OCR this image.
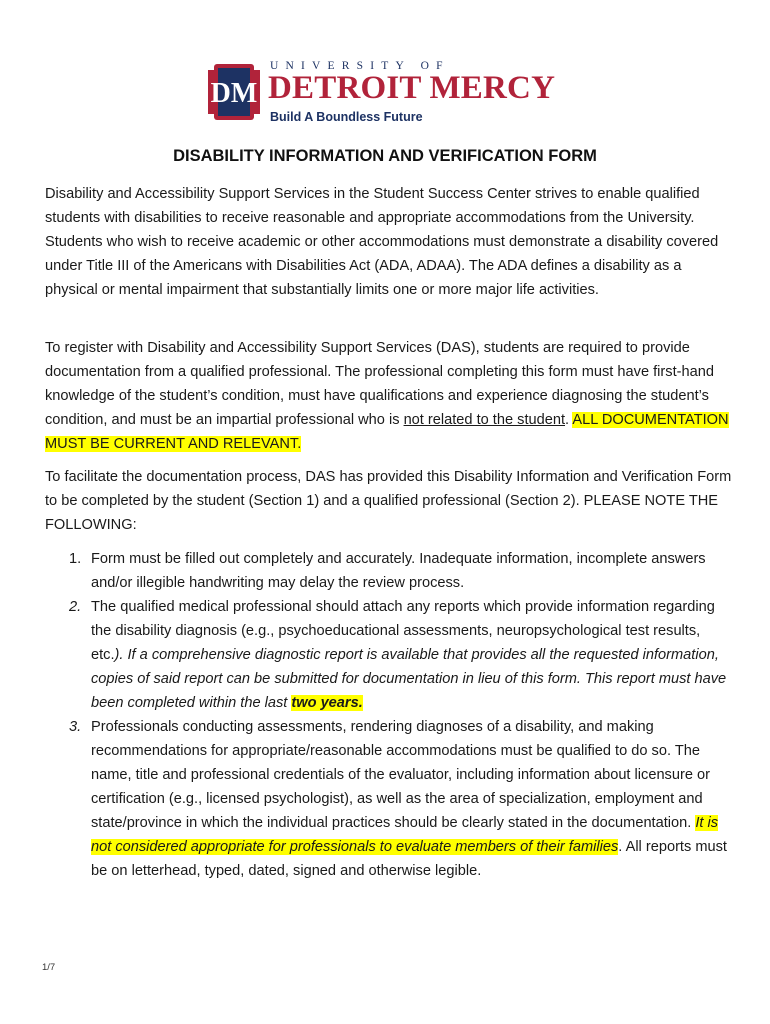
DM
UNIVERSITY OF
DETROIT MERCY
Build A Boundless Future
DISABILITY INFORMATION AND VERIFICATION FORM
Disability and Accessibility Support Services in the Student Success Center strives to enable qualified students with disabilities to receive reasonable and appropriate accommodations from the University. Students who wish to receive academic or other accommodations must demonstrate a disability covered under Title III of the Americans with Disabilities Act (ADA, ADAA). The ADA defines a disability as a physical or mental impairment that substantially limits one or more major life activities.
To register with Disability and Accessibility Support Services (DAS), students are required to provide documentation from a qualified professional. The professional completing this form must have first-hand knowledge of the student’s condition, must have qualifications and experience diagnosing the student’s condition, and must be an impartial professional who is not related to the student. ALL DOCUMENTATION MUST BE CURRENT AND RELEVANT.
To facilitate the documentation process, DAS has provided this Disability Information and Verification Form to be completed by the student (Section 1) and a qualified professional (Section 2). PLEASE NOTE THE FOLLOWING:
1. Form must be filled out completely and accurately. Inadequate information, incomplete answers and/or illegible handwriting may delay the review process.
2. The qualified medical professional should attach any reports which provide information regarding the disability diagnosis (e.g., psychoeducational assessments, neuropsychological test results, etc.). If a comprehensive diagnostic report is available that provides all the requested information, copies of said report can be submitted for documentation in lieu of this form. This report must have been completed within the last two years.
3. Professionals conducting assessments, rendering diagnoses of a disability, and making recommendations for appropriate/reasonable accommodations must be qualified to do so. The name, title and professional credentials of the evaluator, including information about licensure or certification (e.g., licensed psychologist), as well as the area of specialization, employment and state/province in which the individual practices should be clearly stated in the documentation. It is not considered appropriate for professionals to evaluate members of their families. All reports must be on letterhead, typed, dated, signed and otherwise legible.
1/7
